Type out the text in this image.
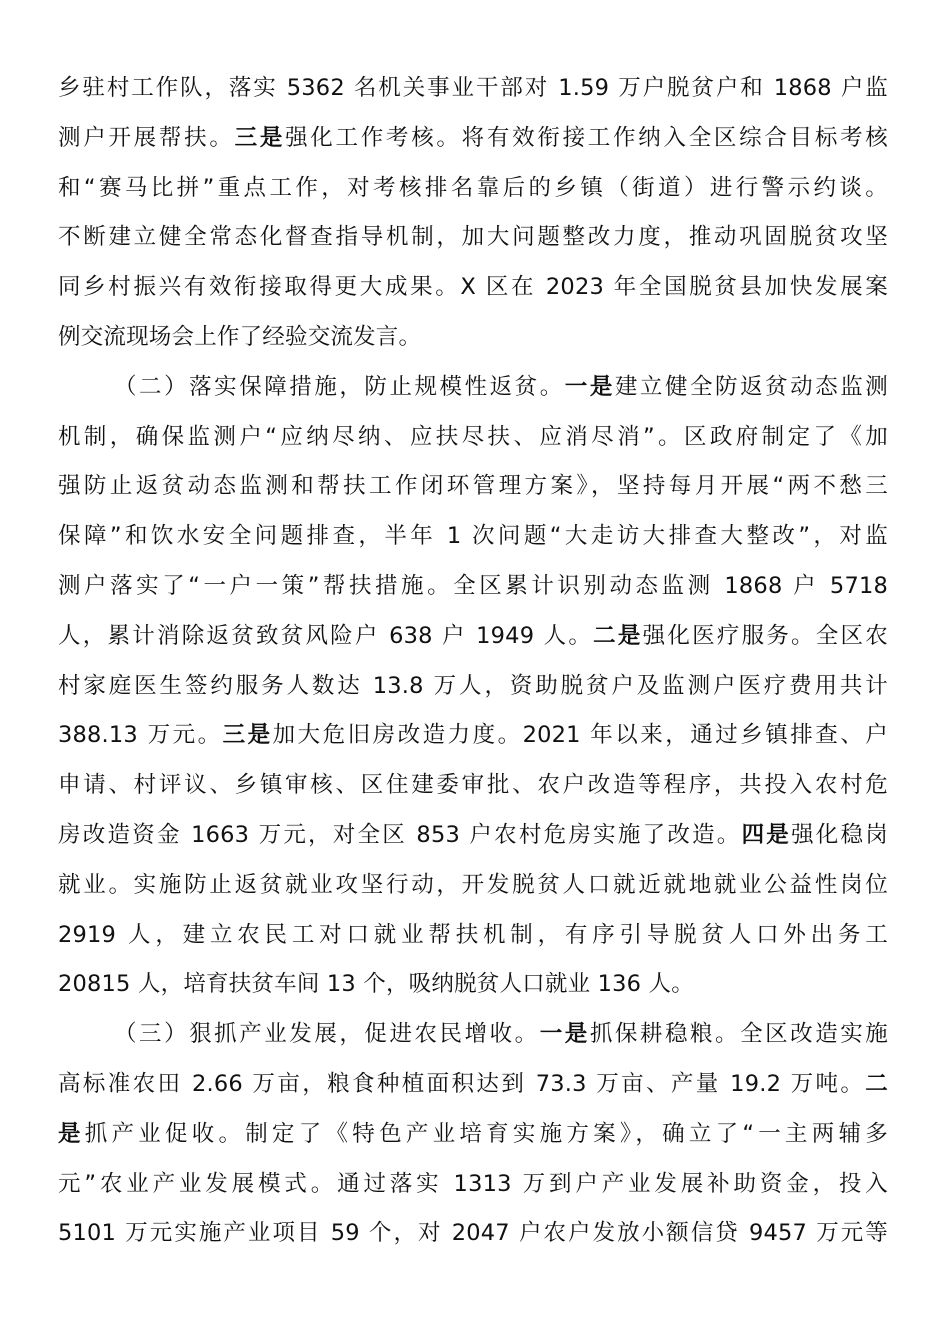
乡驻村工作队，落实 5362 名机关事业干部对 1.59 万户脱贫户和 1868 户监
测户开展帮扶。三是强化工作考核。将有效衔接工作纳入全区综合目标考核
和“赛马比拼”重点工作，对考核排名靠后的乡镇（街道）进行警示约谈。
不断建立健全常态化督查指导机制，加大问题整改力度，推动巩固脱贫攻坚
同乡村振兴有效衔接取得更大成果。X 区在 2023 年全国脱贫县加快发展案
例交流现场会上作了经验交流发言。
（二）落实保障措施，防止规模性返贫。一是建立健全防返贫动态监测
机制，确保监测户“应纳尽纳、应扶尽扶、应消尽消”。区政府制定了《加
强防止返贫动态监测和帮扶工作闭环管理方案》，坚持每月开展“两不愁三
保障”和饮水安全问题排查，半年 1 次问题“大走访大排查大整改”，对监
测户落实了“一户一策”帮扶措施。全区累计识别动态监测 1868 户 5718
人，累计消除返贫致贫风险户 638 户 1949 人。二是强化医疗服务。全区农
村家庭医生签约服务人数达 13.8 万人，资助脱贫户及监测户医疗费用共计
388.13 万元。三是加大危旧房改造力度。2021 年以来，通过乡镇排查、户
申请、村评议、乡镇审核、区住建委审批、农户改造等程序，共投入农村危
房改造资金 1663 万元，对全区 853 户农村危房实施了改造。四是强化稳岗
就业。实施防止返贫就业攻坚行动，开发脱贫人口就近就地就业公益性岗位
2919 人，建立农民工对口就业帮扶机制，有序引导脱贫人口外出务工
20815 人，培育扶贫车间 13 个，吸纳脱贫人口就业 136 人。
（三）狠抓产业发展，促进农民增收。一是抓保耕稳粮。全区改造实施
高标准农田 2.66 万亩，粮食种植面积达到 73.3 万亩、产量 19.2 万吨。二
是抓产业促收。制定了《特色产业培育实施方案》，确立了“一主两辅多
元”农业产业发展模式。通过落实 1313 万到户产业发展补助资金，投入
5101 万元实施产业项目 59 个，对 2047 户农户发放小额信贷 9457 万元等
